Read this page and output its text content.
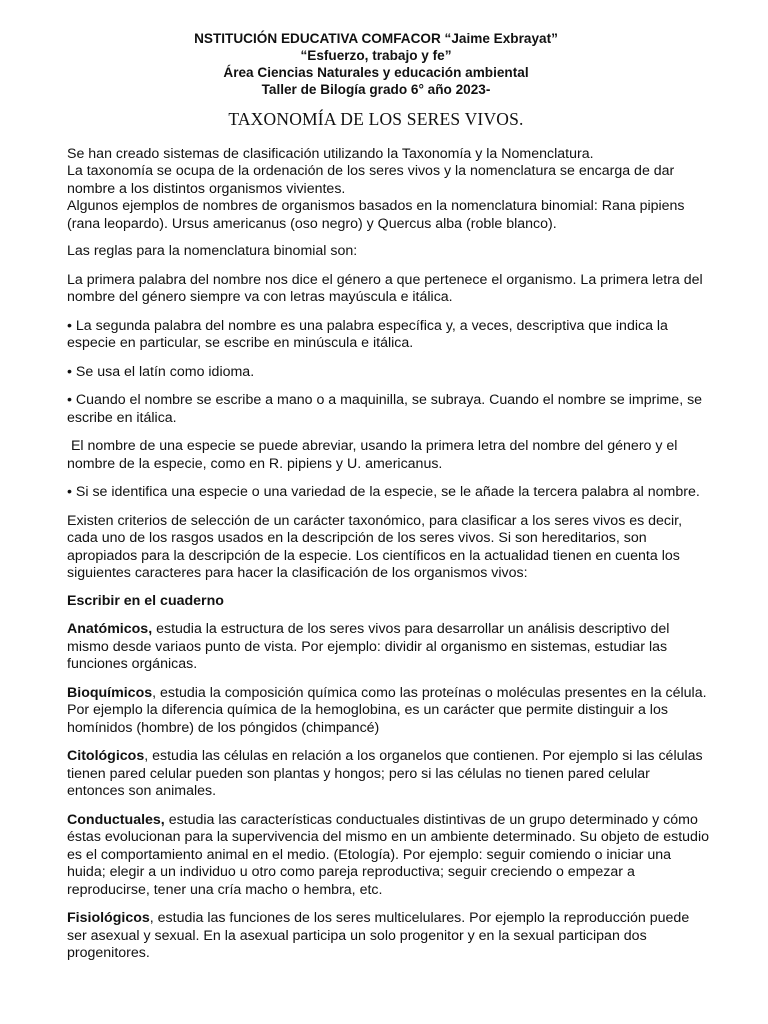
NSTITUCIÓN EDUCATIVA COMFACOR “Jaime Exbrayat”
“Esfuerzo, trabajo y fe”
Área Ciencias Naturales y educación ambiental
Taller de Bilogía grado 6° año 2023-
TAXONOMÍA DE LOS SERES VIVOS.

Se han creado sistemas de clasificación utilizando la Taxonomía y la Nomenclatura.

La taxonomía se ocupa de la ordenación de los seres vivos y la nomenclatura se encarga de dar nombre a los distintos organismos vivientes.

Algunos ejemplos de nombres de organismos basados en la nomenclatura binomial: Rana pipiens (rana leopardo). Ursus americanus (oso negro) y Quercus alba (roble blanco).

Las reglas para la nomenclatura binomial son:

La primera palabra del nombre nos dice el género a que pertenece el organismo. La primera letra del nombre del género siempre va con letras mayúscula e itálica.

• La segunda palabra del nombre es una palabra específica y, a veces, descriptiva que indica la especie en particular, se escribe en minúscula e itálica.

• Se usa el latín como idioma.

• Cuando el nombre se escribe a mano o a maquinilla, se subraya. Cuando el nombre se imprime, se escribe en itálica.

El nombre de una especie se puede abreviar, usando la primera letra del nombre del género y el nombre de la especie, como en R. pipiens y U. americanus.

• Si se identifica una especie o una variedad de la especie, se le añade la tercera palabra al nombre.

Existen criterios de selección de un carácter taxonómico, para clasificar a los seres vivos es decir, cada uno de los rasgos usados en la descripción de los seres vivos. Si son hereditarios, son apropiados para la descripción de la especie. Los científicos en la actualidad tienen en cuenta los siguientes caracteres para hacer la clasificación de los organismos vivos:

Escribir en el cuaderno

Anatómicos, estudia la estructura de los seres vivos para desarrollar un análisis descriptivo del mismo desde variaos punto de vista. Por ejemplo: dividir al organismo en sistemas, estudiar las funciones orgánicas.

Bioquímicos, estudia la composición química como las proteínas o moléculas presentes en la célula. Por ejemplo la diferencia química de la hemoglobina, es un carácter que permite distinguir a los homínidos (hombre) de los póngidos (chimpancé)

Citológicos, estudia las células en relación a los organelos que contienen. Por ejemplo si las células tienen pared celular pueden son plantas y hongos; pero si las células no tienen pared celular entonces son animales.

Conductuales, estudia las características conductuales distintivas de un grupo determinado y cómo éstas evolucionan para la supervivencia del mismo en un ambiente determinado. Su objeto de estudio es el comportamiento animal en el medio. (Etología). Por ejemplo: seguir comiendo o iniciar una huida; elegir a un individuo u otro como pareja reproductiva; seguir creciendo o empezar a reproducirse, tener una cría macho o hembra, etc.

Fisiológicos, estudia las funciones de los seres multicelulares. Por ejemplo la reproducción puede ser asexual y sexual. En la asexual participa un solo progenitor y en la sexual participan dos progenitores.
